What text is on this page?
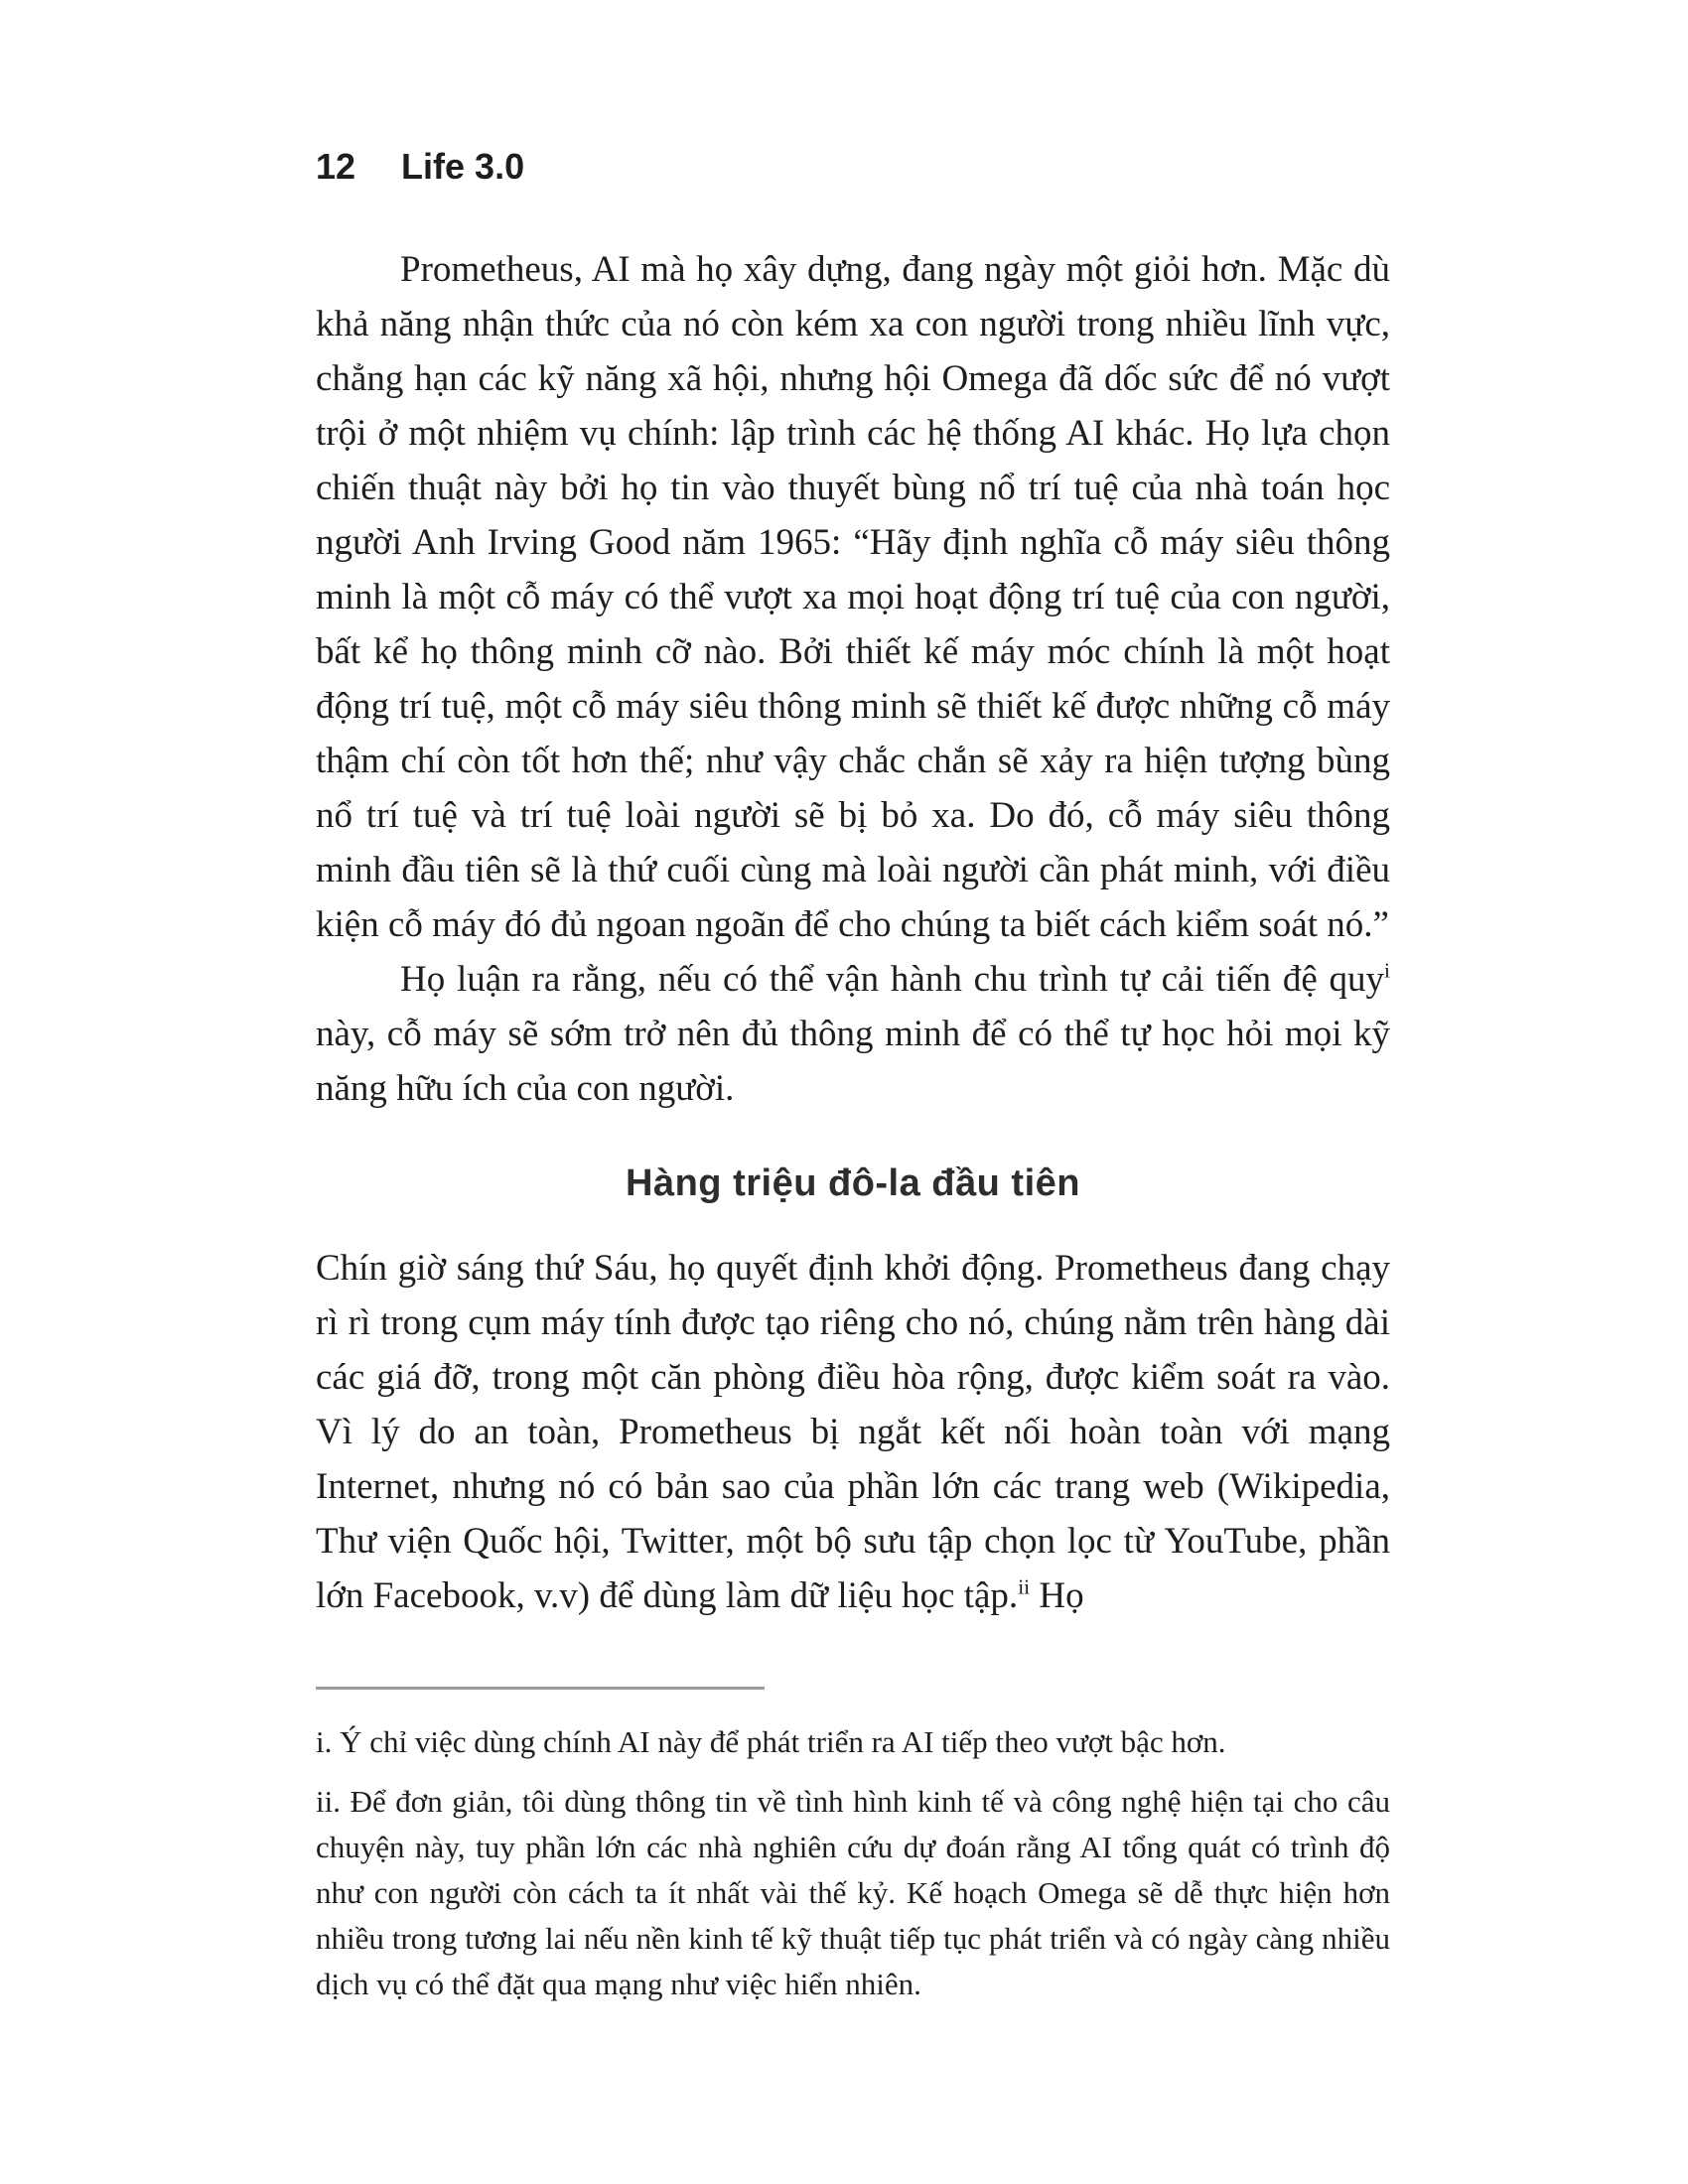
12 Life 3.0

Prometheus, AI mà họ xây dựng, đang ngày một giỏi hơn. Mặc dù khả năng nhận thức của nó còn kém xa con người trong nhiều lĩnh vực, chẳng hạn các kỹ năng xã hội, nhưng hội Omega đã dốc sức để nó vượt trội ở một nhiệm vụ chính: lập trình các hệ thống AI khác. Họ lựa chọn chiến thuật này bởi họ tin vào thuyết bùng nổ trí tuệ của nhà toán học người Anh Irving Good năm 1965: “Hãy định nghĩa cỗ máy siêu thông minh là một cỗ máy có thể vượt xa mọi hoạt động trí tuệ của con người, bất kể họ thông minh cỡ nào. Bởi thiết kế máy móc chính là một hoạt động trí tuệ, một cỗ máy siêu thông minh sẽ thiết kế được những cỗ máy thậm chí còn tốt hơn thế; như vậy chắc chắn sẽ xảy ra hiện tượng bùng nổ trí tuệ và trí tuệ loài người sẽ bị bỏ xa. Do đó, cỗ máy siêu thông minh đầu tiên sẽ là thứ cuối cùng mà loài người cần phát minh, với điều kiện cỗ máy đó đủ ngoan ngoãn để cho chúng ta biết cách kiểm soát nó.”

Họ luận ra rằng, nếu có thể vận hành chu trình tự cải tiến đệ quy$^i$ này, cỗ máy sẽ sớm trở nên đủ thông minh để có thể tự học hỏi mọi kỹ năng hữu ích của con người.

Hàng triệu đô-la đầu tiên

Chín giờ sáng thứ Sáu, họ quyết định khởi động. Prometheus đang chạy rì rì trong cụm máy tính được tạo riêng cho nó, chúng nằm trên hàng dài các giá đỡ, trong một căn phòng điều hòa rộng, được kiểm soát ra vào. Vì lý do an toàn, Prometheus bị ngắt kết nối hoàn toàn với mạng Internet, nhưng nó có bản sao của phần lớn các trang web (Wikipedia, Thư viện Quốc hội, Twitter, một bộ sưu tập chọn lọc từ YouTube, phần lớn Facebook, v.v) để dùng làm dữ liệu học tập.$^{ii}$ Họ

i. Ý chỉ việc dùng chính AI này để phát triển ra AI tiếp theo vượt bậc hơn.

ii. Để đơn giản, tôi dùng thông tin về tình hình kinh tế và công nghệ hiện tại cho câu chuyện này, tuy phần lớn các nhà nghiên cứu dự đoán rằng AI tổng quát có trình độ như con người còn cách ta ít nhất vài thế kỷ. Kế hoạch Omega sẽ dễ thực hiện hơn nhiều trong tương lai nếu nền kinh tế kỹ thuật tiếp tục phát triển và có ngày càng nhiều dịch vụ có thể đặt qua mạng như việc hiển nhiên.
